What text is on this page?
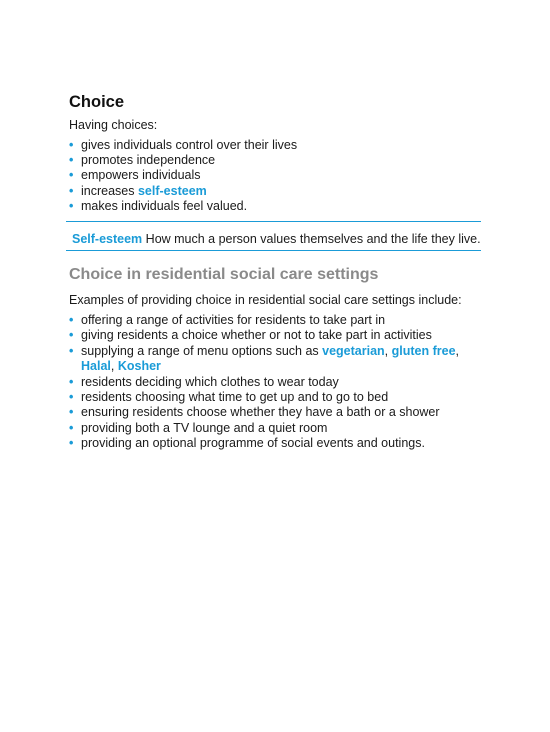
Choice
Having choices:
• gives individuals control over their lives
• promotes independence
• empowers individuals
• increases self-esteem
• makes individuals feel valued.
Self-esteem How much a person values themselves and the life they live.
Choice in residential social care settings
Examples of providing choice in residential social care settings include:
• offering a range of activities for residents to take part in
• giving residents a choice whether or not to take part in activities
• supplying a range of menu options such as vegetarian, gluten free, Halal, Kosher
• residents deciding which clothes to wear today
• residents choosing what time to get up and to go to bed
• ensuring residents choose whether they have a bath or a shower
• providing both a TV lounge and a quiet room
• providing an optional programme of social events and outings.
